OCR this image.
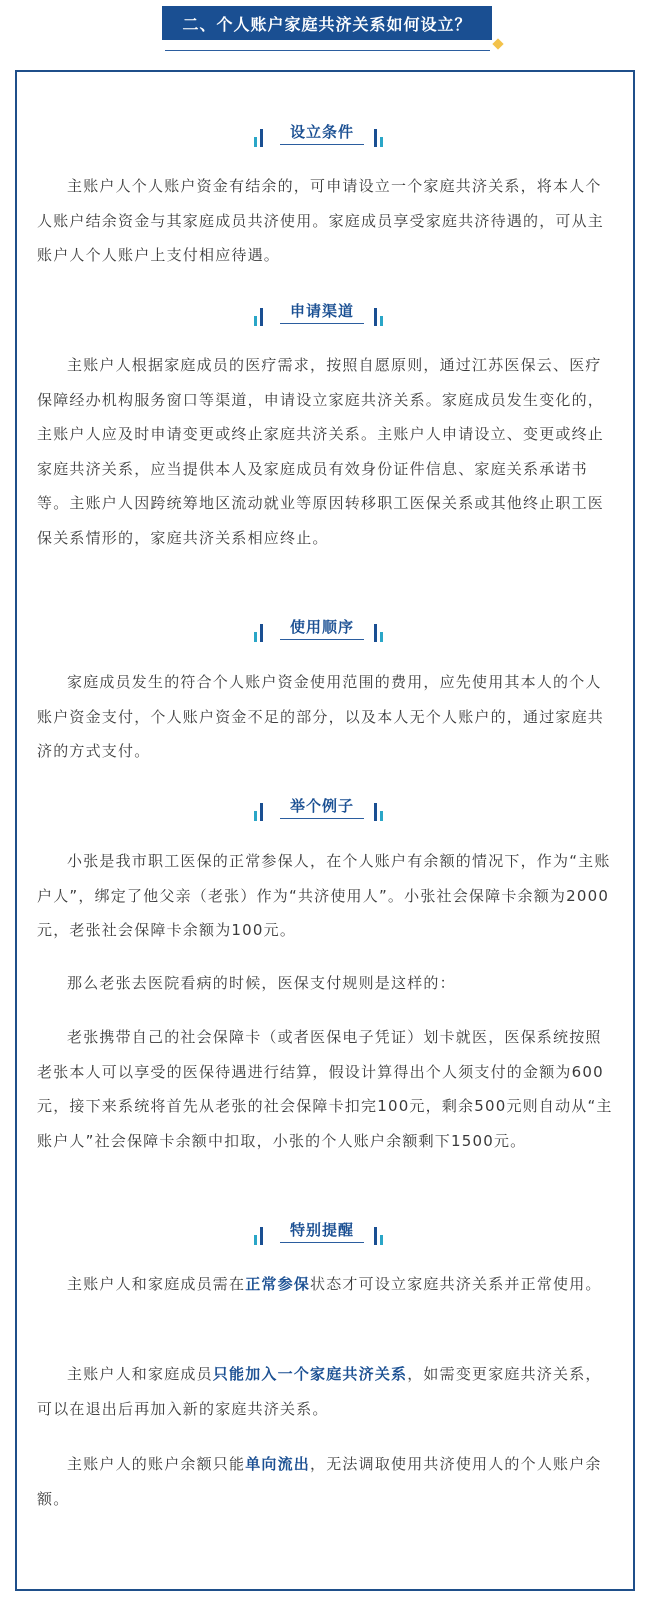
二、个人账户家庭共济关系如何设立？
设立条件

主账户人个人账户资金有结余的，可申请设立一个家庭共济关系，将本人个人账户结余资金与其家庭成员共济使用。家庭成员享受家庭共济待遇的，可从主账户人个人账户上支付相应待遇。

申请渠道

主账户人根据家庭成员的医疗需求，按照自愿原则，通过江苏医保云、医疗保障经办机构服务窗口等渠道，申请设立家庭共济关系。家庭成员发生变化的，主账户人应及时申请变更或终止家庭共济关系。主账户人申请设立、变更或终止家庭共济关系，应当提供本人及家庭成员有效身份证件信息、家庭关系承诺书等。主账户人因跨统筹地区流动就业等原因转移职工医保关系或其他终止职工医保关系情形的，家庭共济关系相应终止。

使用顺序

家庭成员发生的符合个人账户资金使用范围的费用，应先使用其本人的个人账户资金支付，个人账户资金不足的部分，以及本人无个人账户的，通过家庭共济的方式支付。

举个例子

小张是我市职工医保的正常参保人，在个人账户有余额的情况下，作为“主账户人”，绑定了他父亲（老张）作为“共济使用人”。小张社会保障卡余额为2000元，老张社会保障卡余额为100元。

那么老张去医院看病的时候，医保支付规则是这样的：

老张携带自己的社会保障卡（或者医保电子凭证）划卡就医，医保系统按照老张本人可以享受的医保待遇进行结算，假设计算得出个人须支付的金额为600元，接下来系统将首先从老张的社会保障卡扣完100元，剩余500元则自动从“主账户人”社会保障卡余额中扣取，小张的个人账户余额剩下1500元。

特别提醒

主账户人和家庭成员需在正常参保状态才可设立家庭共济关系并正常使用。

主账户人和家庭成员只能加入一个家庭共济关系，如需变更家庭共济关系，可以在退出后再加入新的家庭共济关系。

主账户人的账户余额只能单向流出，无法调取使用共济使用人的个人账户余额。
